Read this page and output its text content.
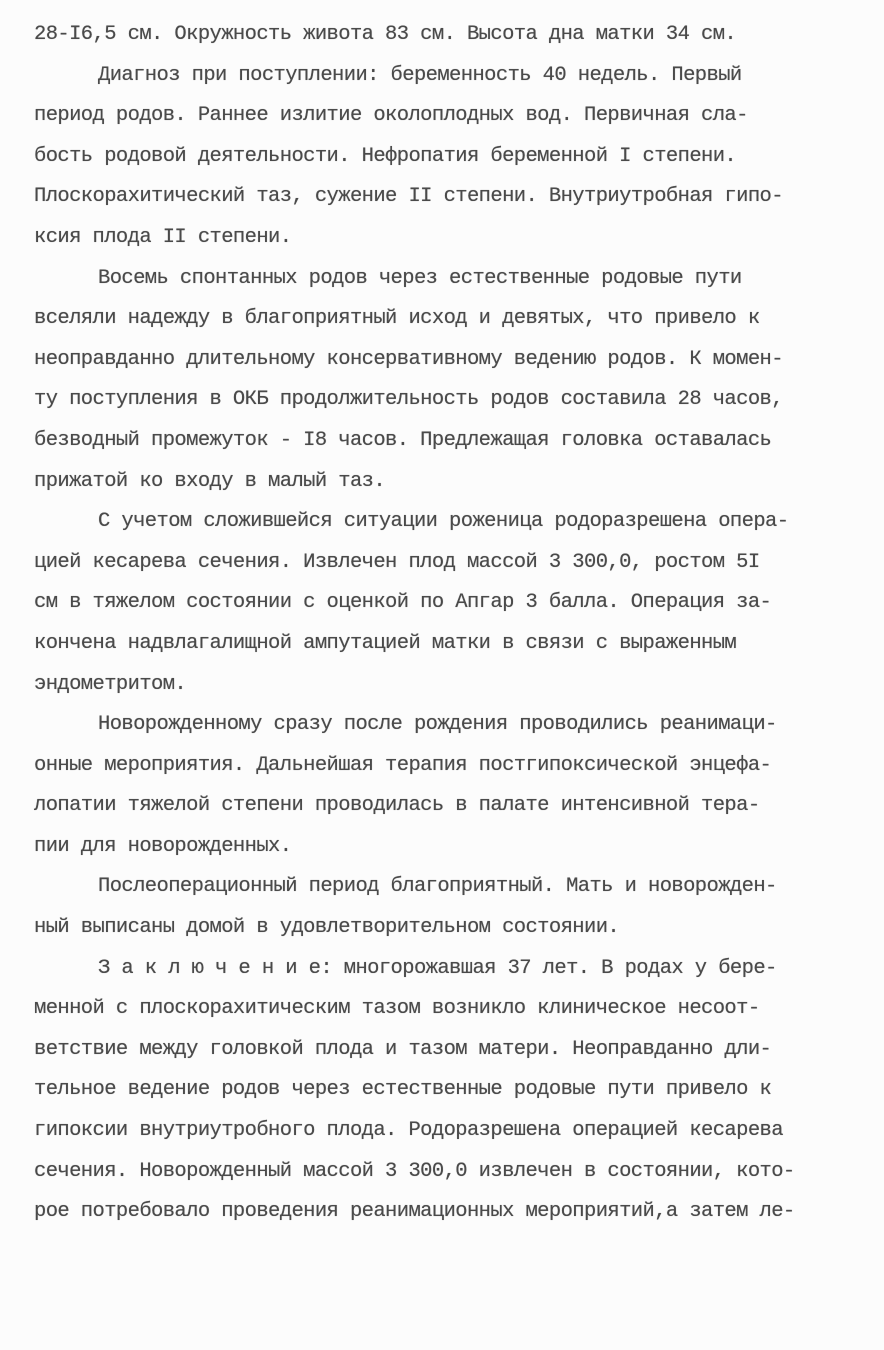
28-I6,5 см. Окружность живота 83 см. Высота дна матки 34 см.
Диагноз при поступлении: беременность 40 недель. Первый
период родов. Раннее излитие околоплодных вод. Первичная сла-
бость родовой деятельности. Нефропатия беременной I степени.
Плоскорахитический таз, сужение II степени. Внутриутробная гипо-
ксия плода II степени.
Восемь спонтанных родов через естественные родовые пути
вселяли надежду в благоприятный исход и девятых, что привело к
неоправданно длительному консервативному ведению родов. К момен-
ту поступления в ОКБ продолжительность родов составила 28 часов,
безводный промежуток - I8 часов. Предлежащая головка оставалась
прижатой ко входу в малый таз.
С учетом сложившейся ситуации роженица родоразрешена опера-
цией кесарева сечения. Извлечен плод массой 3 300,0, ростом 5I
см в тяжелом состоянии с оценкой по Апгар 3 балла. Операция за-
кончена надвлагалищной ампутацией матки в связи с выраженным
эндометритом.
Новорожденному сразу после рождения проводились реанимаци-
онные мероприятия. Дальнейшая терапия постгипоксической энцефа-
лопатии тяжелой степени проводилась в палате интенсивной тера-
пии для новорожденных.
Послеоперационный период благоприятный. Мать и новорожден-
ный выписаны домой в удовлетворительном состоянии.
З а к л ю ч е н и е: многорожавшая 37 лет. В родах у бере-
менной с плоскорахитическим тазом возникло клиническое несоот-
ветствие между головкой плода и тазом матери. Неоправданно дли-
тельное ведение родов через естественные родовые пути привело к
гипоксии внутриутробного плода. Родоразрешена операцией кесарева
сечения. Новорожденный массой 3 300,0 извлечен в состоянии, кото-
рое потребовало проведения реанимационных мероприятий,а затем ле-
